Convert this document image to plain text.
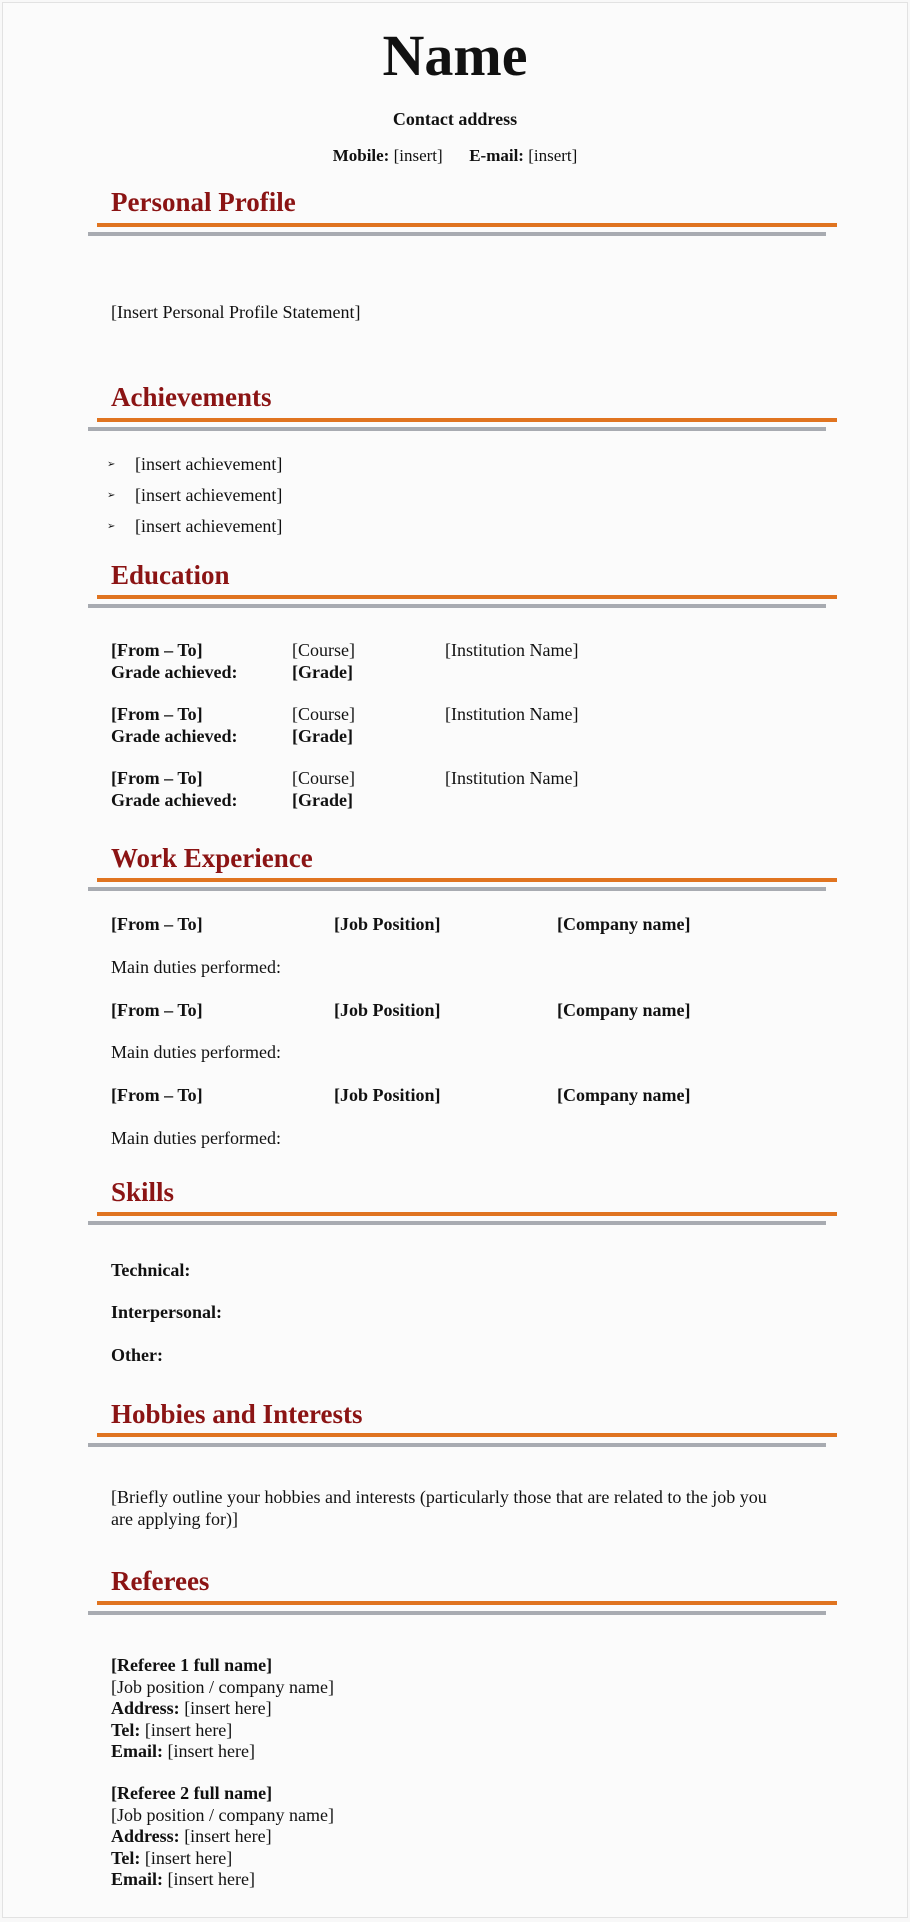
Name
Contact address
Mobile: [insert] E-mail: [insert]
Personal Profile
[Insert Personal Profile Statement]
Achievements
➢ [insert achievement]
➢ [insert achievement]
➢ [insert achievement]
Education
[From – To]	[Course]	[Institution Name]
Grade achieved:	[Grade]
[From – To]	[Course]	[Institution Name]
Grade achieved:	[Grade]
[From – To]	[Course]	[Institution Name]
Grade achieved:	[Grade]
Work Experience
[From – To]	[Job Position]	[Company name]
Main duties performed:
[From – To]	[Job Position]	[Company name]
Main duties performed:
[From – To]	[Job Position]	[Company name]
Main duties performed:
Skills
Technical:
Interpersonal:
Other:
Hobbies and Interests
[Briefly outline your hobbies and interests (particularly those that are related to the job you are applying for)]
Referees
[Referee 1 full name]
[Job position / company name]
Address: [insert here]
Tel: [insert here]
Email: [insert here]
[Referee 2 full name]
[Job position / company name]
Address: [insert here]
Tel: [insert here]
Email: [insert here]
